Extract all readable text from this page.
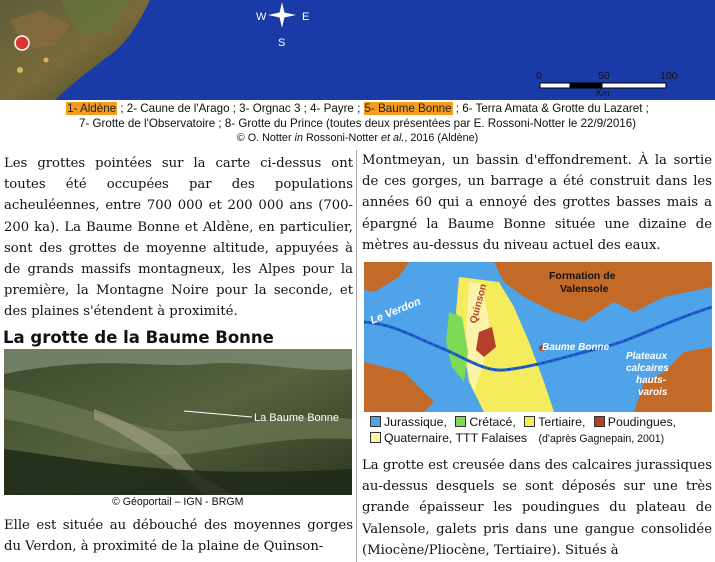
W	E
S
0	50	100
Km
1- Aldène ; 2- Caune de l'Arago ; 3- Orgnac 3 ; 4- Payre ; 5- Baume Bonne ; 6- Terra Amata & Grotte du Lazaret ;
7- Grotte de l'Observatoire ; 8- Grotte du Prince (toutes deux présentées par E. Rossoni-Notter le 22/9/2016)
© O. Notter in Rossoni-Notter et al., 2016 (Aldène)
Les grottes pointées sur la carte ci-dessus ont toutes été occupées par des populations acheuléennes, entre 700 000 et 200 000 ans (700-200 ka). La Baume Bonne et Aldène, en particulier, sont des grottes de moyenne altitude, appuyées à de grands massifs montagneux, les Alpes pour la première, la Montagne Noire pour la seconde, et des plaines s'étendent à proximité.
La grotte de la Baume Bonne
La Baume Bonne
© Géoportail – IGN - BRGM
Elle est située au débouché des moyennes gorges du Verdon, à proximité de la plaine de Quinson-
Montmeyan, un bassin d'effondrement. À la sortie de ces gorges, un barrage a été construit dans les années 60 qui a ennoyé des grottes basses mais a épargné la Baume Bonne située une dizaine de mètres au-dessus du niveau actuel des eaux.
Formation de
Valensole
Le Verdon	Quinson
Baume Bonne
Plateaux
calcaires
hauts-
varois
Jurassique, Crétacé, Tertiaire, Poudingues,
Quaternaire, TTT Falaises (d'après Gagnepain, 2001)
La grotte est creusée dans des calcaires jurassiques au-dessus desquels se sont déposés sur une très grande épaisseur les poudingues du plateau de Valensole, galets pris dans une gangue consolidée (Miocène/Pliocène, Tertiaire). Situés à
